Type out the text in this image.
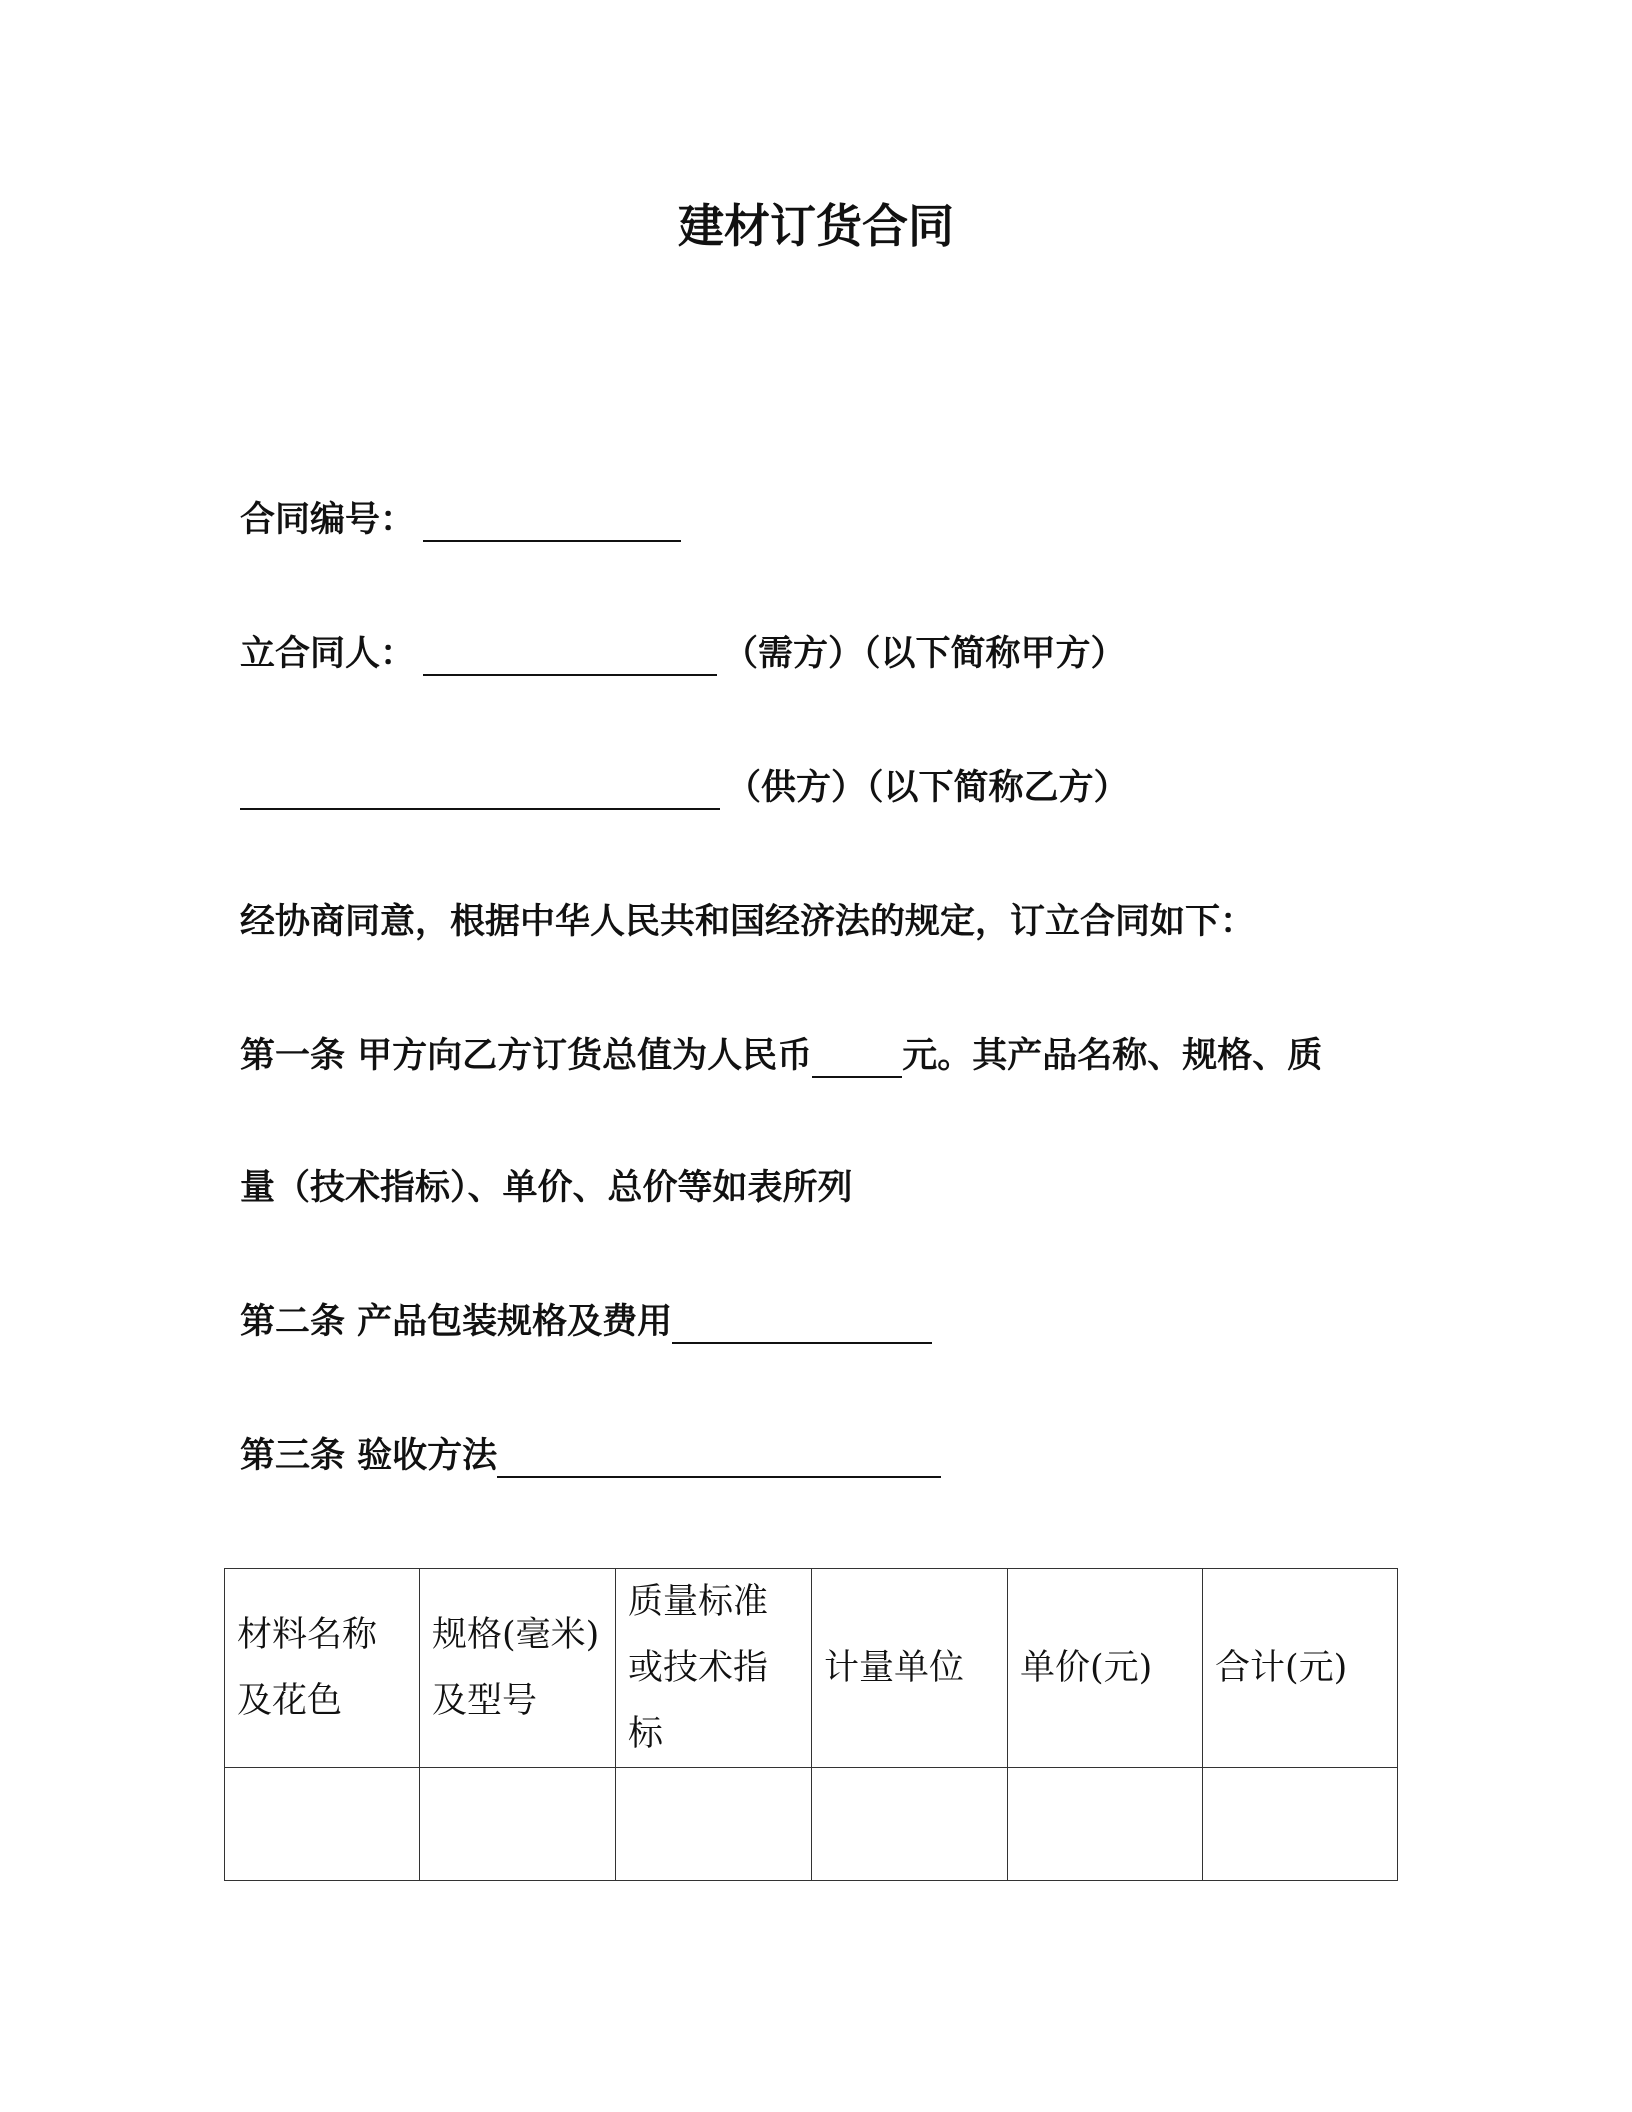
建材订货合同
合同编号：
立合同人：	（需方）（以下简称甲方）
（供方）（以下简称乙方）
经协商同意，根据中华人民共和国经济法的规定，订立合同如下：
第一条 甲方向乙方订货总值为人民币	元。其产品名称、规格、质
量（技术指标）、单价、总价等如表所列
第二条 产品包装规格及费用
第三条 验收方法
材料名称及花色	规格(毫米) 及型号	质量标准或技术指标	计量单位	单价(元)	合计(元)
